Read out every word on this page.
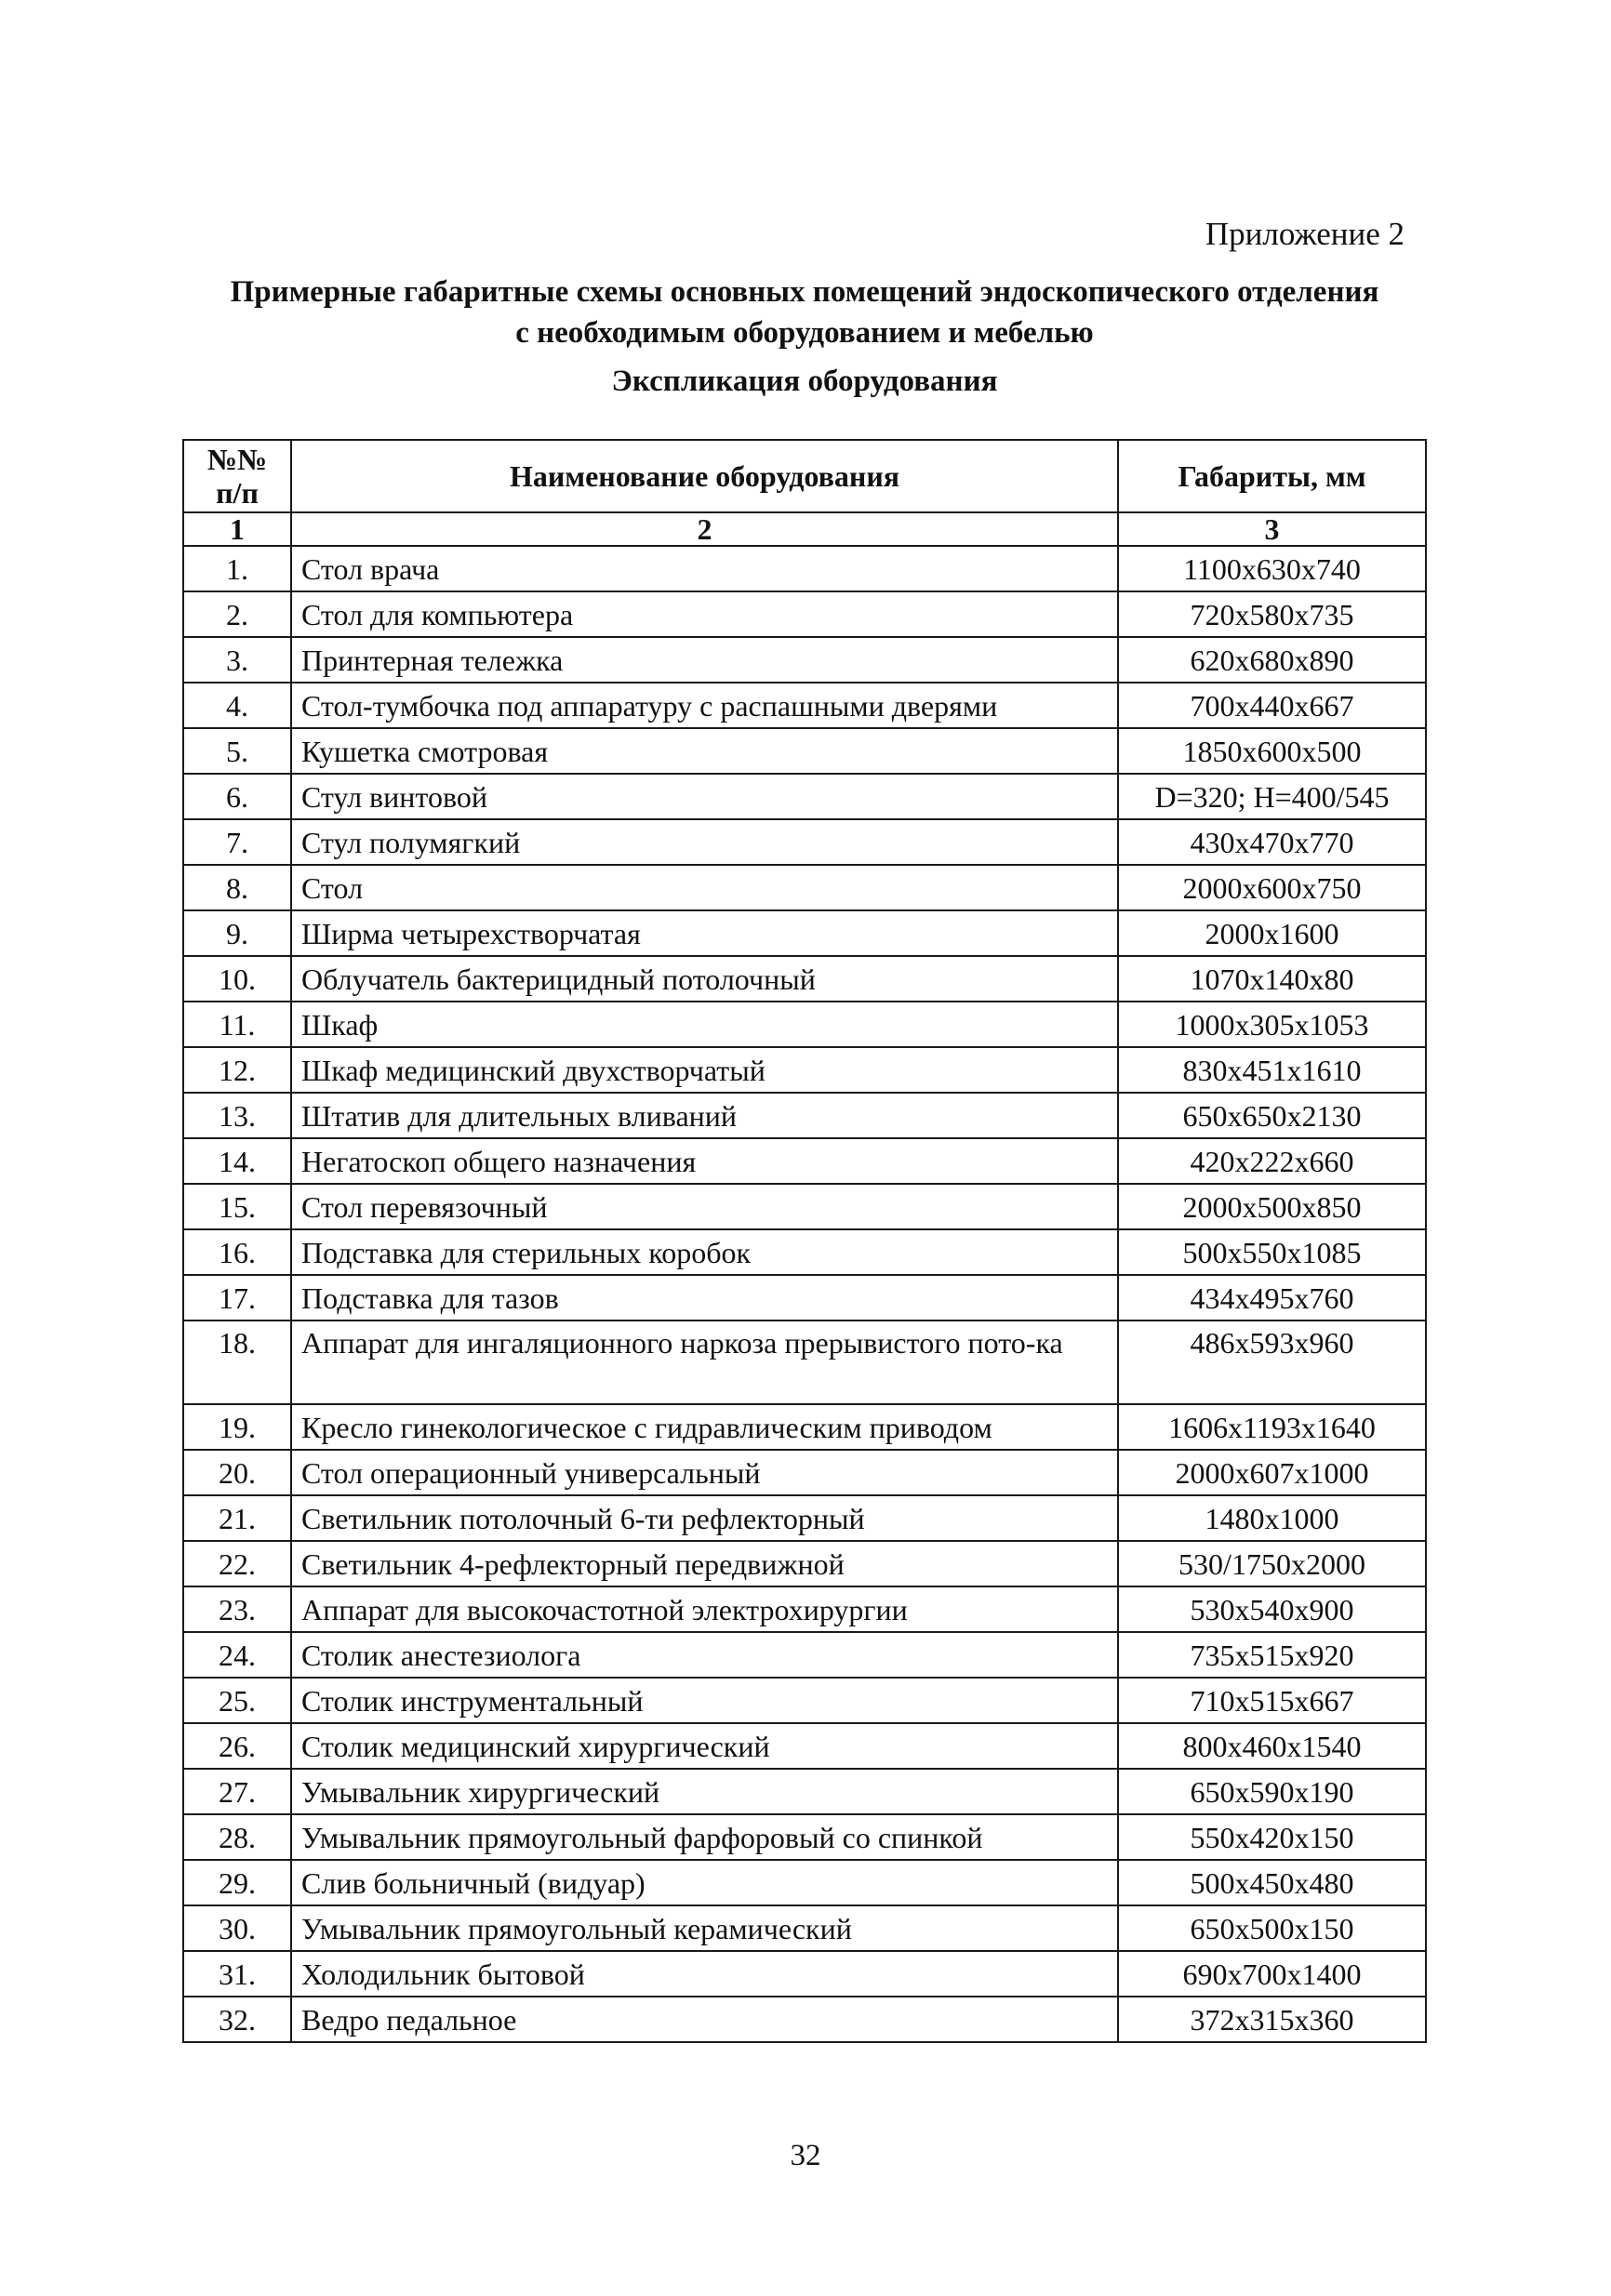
Приложение 2
Примерные габаритные схемы основных помещений эндоскопического отделения
с необходимым оборудованием и мебелью
Экспликация оборудования
№№
п/п	Наименование оборудования	Габариты, мм
1	2	3
1.	Стол врача	1100x630x740
2.	Стол для компьютера	720x580x735
3.	Принтерная тележка	620x680x890
4.	Стол-тумбочка под аппаратуру с распашными дверями	700x440x667
5.	Кушетка смотровая	1850x600x500
6.	Стул винтовой	D=320; H=400/545
7.	Стул полумягкий	430x470x770
8.	Стол	2000x600x750
9.	Ширма четырехстворчатая	2000x1600
10.	Облучатель бактерицидный потолочный	1070x140x80
11.	Шкаф	1000x305x1053
12.	Шкаф медицинский двухстворчатый	830x451x1610
13.	Штатив для длительных вливаний	650x650x2130
14.	Негатоскоп общего назначения	420x222x660
15.	Стол перевязочный	2000x500x850
16.	Подставка для стерильных коробок	500x550x1085
17.	Подставка для тазов	434x495x760
18.	Аппарат для ингаляционного наркоза прерывистого пото-ка	486x593x960
19.	Кресло гинекологическое с гидравлическим приводом	1606x1193x1640
20.	Стол операционный универсальный	2000x607x1000
21.	Светильник потолочный 6-ти рефлекторный	1480x1000
22.	Светильник 4-рефлекторный передвижной	530/1750x2000
23.	Аппарат для высокочастотной электрохирургии	530x540x900
24.	Столик анестезиолога	735x515x920
25.	Столик инструментальный	710x515x667
26.	Столик медицинский хирургический	800x460x1540
27.	Умывальник хирургический	650x590x190
28.	Умывальник прямоугольный фарфоровый со спинкой	550x420x150
29.	Слив больничный (видуар)	500x450x480
30.	Умывальник прямоугольный керамический	650x500x150
31.	Холодильник бытовой	690x700x1400
32.	Ведро педальное	372x315x360
32
